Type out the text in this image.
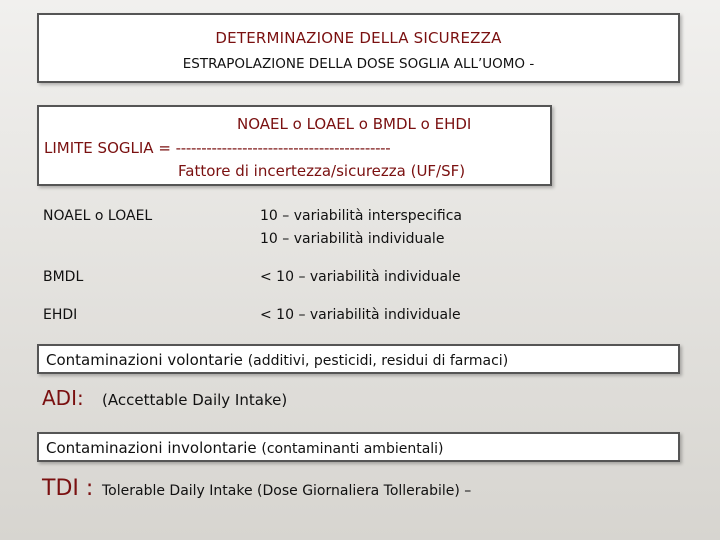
DETERMINAZIONE DELLA SICUREZZA
ESTRAPOLAZIONE DELLA DOSE SOGLIA ALL’UOMO -
NOAEL o LOAEL o BMDL o EHDI
LIMITE SOGLIA = ------------------------------------------
Fattore di incertezza/sicurezza (UF/SF)
NOAEL o LOAEL	10 – variabilità interspecifica
10 – variabilità individuale
BMDL	< 10 – variabilità individuale
EHDI	< 10 – variabilità individuale
Contaminazioni volontarie (additivi, pesticidi, residui di farmaci)
ADI: (Accettable Daily Intake)
Contaminazioni involontarie (contaminanti ambientali)
TDI : Tolerable Daily Intake (Dose Giornaliera Tollerabile) –
